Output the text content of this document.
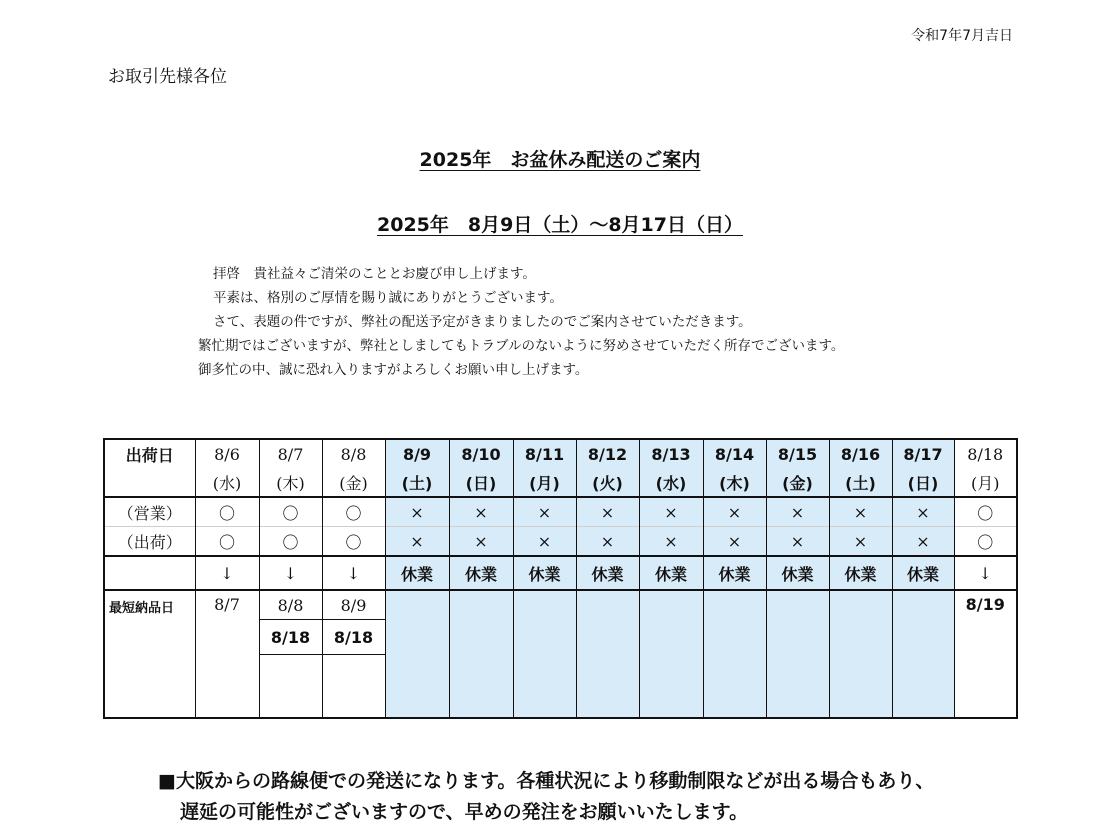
令和7年7月吉日
お取引先様各位
2025年　お盆休み配送のご案内
2025年　8月9日（土）～8月17日（日）
拝啓　貴社益々ご清栄のこととお慶び申し上げます。
平素は、格別のご厚情を賜り誠にありがとうございます。
さて、表題の件ですが、弊社の配送予定がきまりましたのでご案内させていただきます。
繁忙期ではございますが、弊社としましてもトラブルのないように努めさせていただく所存でございます。
御多忙の中、誠に恐れ入りますがよろしくお願い申し上げます。
出荷日	8/6	8/7	8/8	8/9	8/10	8/11	8/12	8/13	8/14	8/15	8/16	8/17	8/18
	(水)	(木)	(金)	(土)	(日)	(月)	(火)	(水)	(木)	(金)	(土)	(日)	(月)
（営業）	〇	〇	〇	×	×	×	×	×	×	×	×	×	〇
（出荷）	〇	〇	〇	×	×	×	×	×	×	×	×	×	〇
	↓	↓	↓	休業	休業	休業	休業	休業	休業	休業	休業	休業	↓
最短納品日	8/7	8/8	8/9										8/19
		8/18	8/18										

■大阪からの路線便での発送になります。各種状況により移動制限などが出る場合もあり、
遅延の可能性がございますので、早めの発注をお願いいたします。
